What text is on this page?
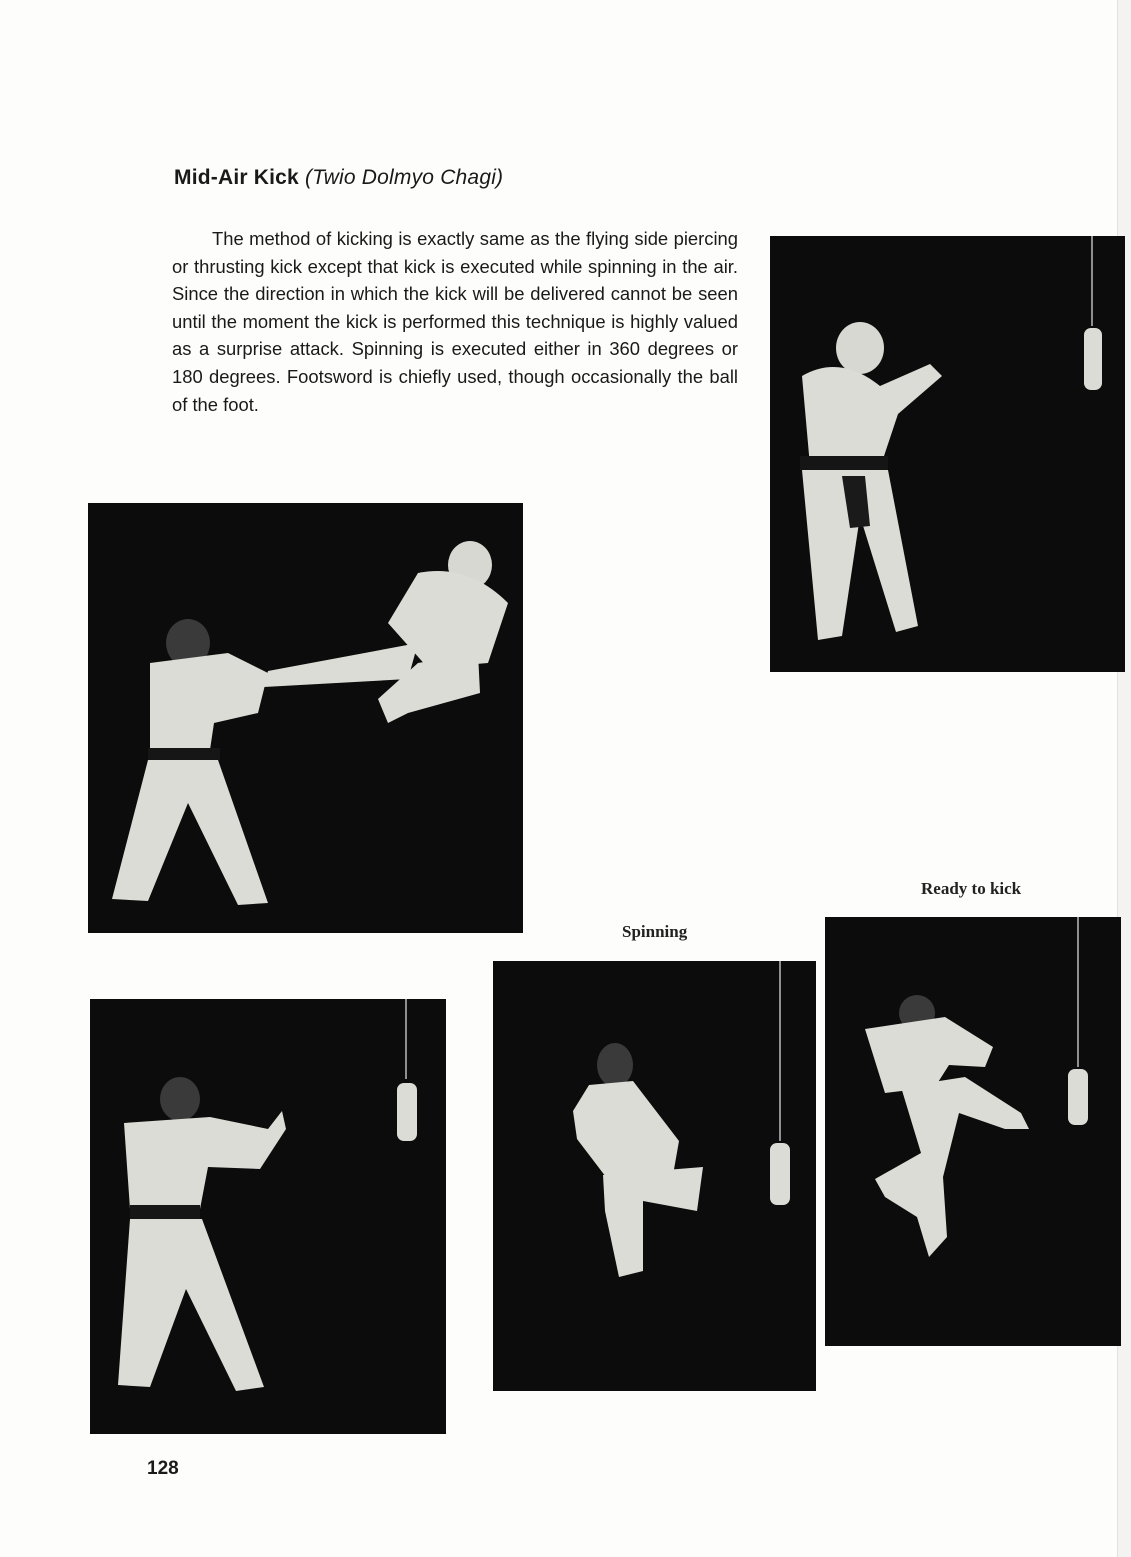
Mid-Air Kick (Twio Dolmyo Chagi)
The method of kicking is exactly same as the flying side piercing or thrusting kick except that kick is executed while spinning in the air. Since the direction in which the kick will be delivered cannot be seen until the moment the kick is performed this technique is highly valued as a surprise attack. Spinning is executed either in 360 degrees or 180 degrees. Footsword is chiefly used, though occasionally the ball of the foot.
Spinning
Ready to kick
128
